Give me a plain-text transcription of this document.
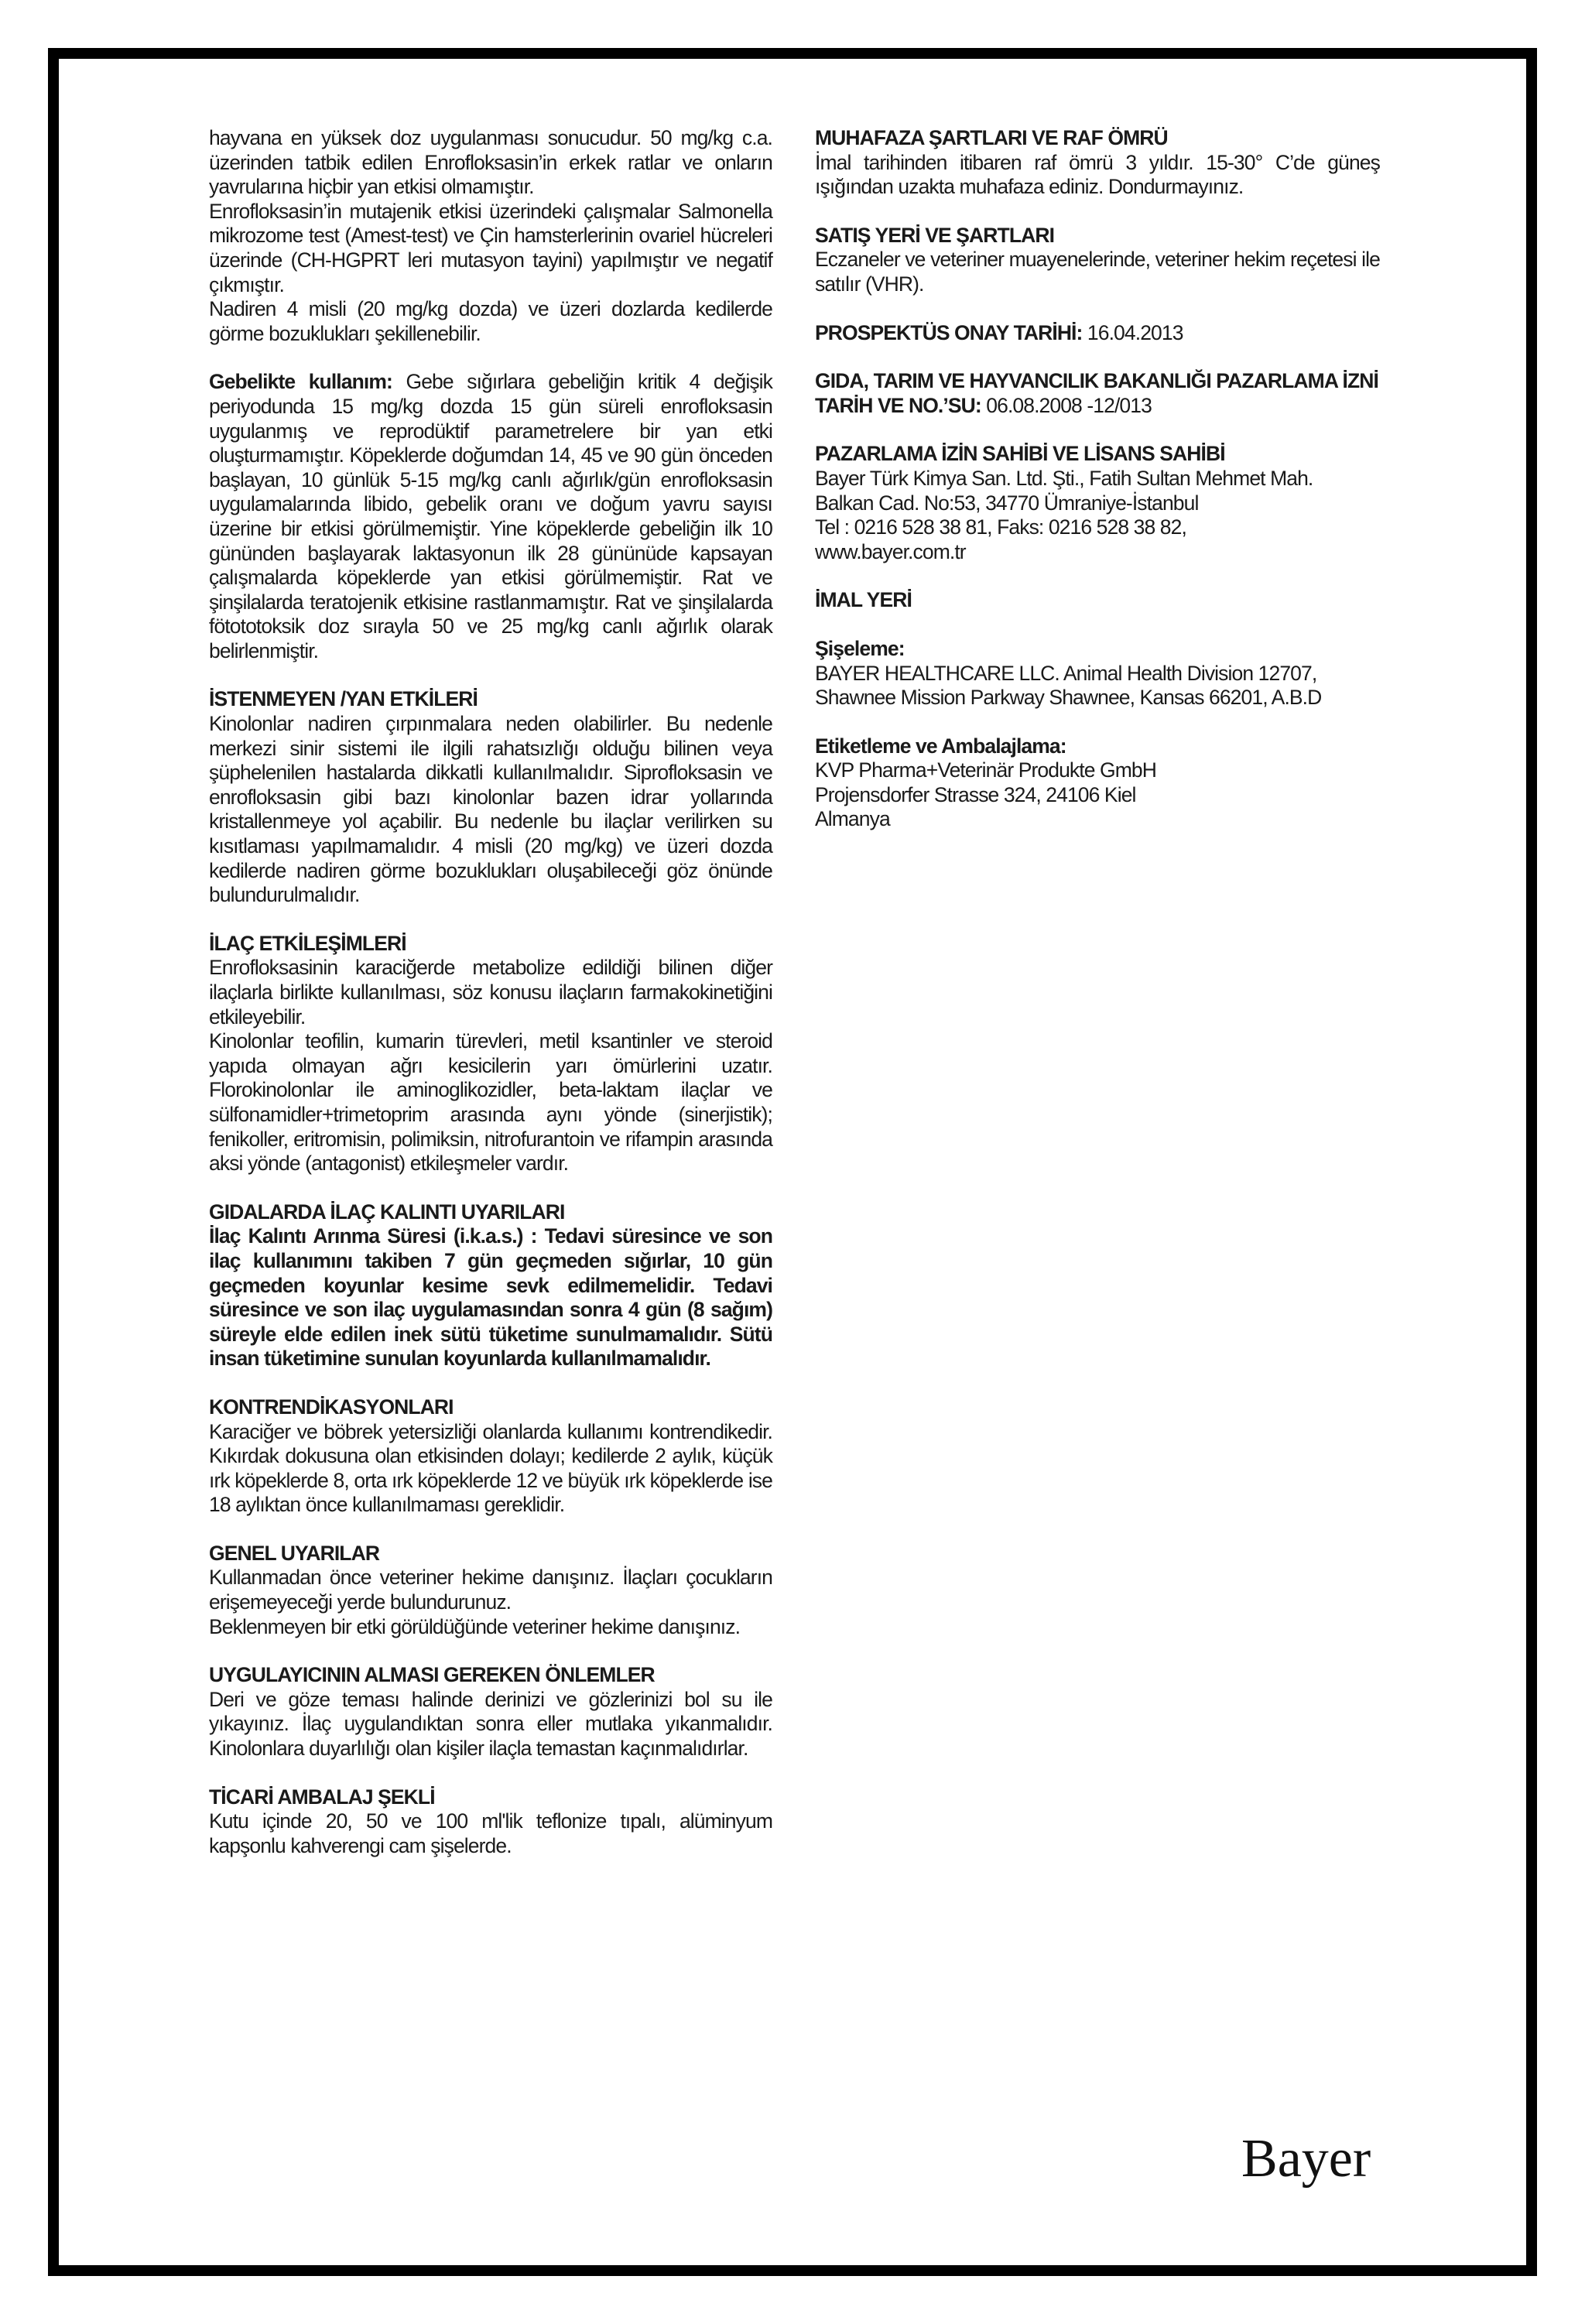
hayvana en yüksek doz uygulanması sonucudur. 50 mg/kg c.a. üzerinden tatbik edilen Enrofloksasin’in erkek ratlar ve onların yavrularına hiçbir yan etkisi olmamıştır.

Enrofloksasin’in mutajenik etkisi üzerindeki çalışmalar Salmonella mikrozome test (Amest-test) ve Çin hamsterlerinin ovariel hücreleri üzerinde (CH-HGPRT leri mutasyon tayini) yapılmıştır ve negatif çıkmıştır.

Nadiren 4 misli (20 mg/kg dozda) ve üzeri dozlarda kedilerde görme bozuklukları şekillenebilir.

Gebelikte kullanım: Gebe sığırlara gebeliğin kritik 4 değişik periyodunda 15 mg/kg dozda 15 gün süreli enrofloksasin uygulanmış ve reprodüktif parametrelere bir yan etki oluşturmamıştır. Köpeklerde doğumdan 14, 45 ve 90 gün önceden başlayan, 10 günlük 5-15 mg/kg canlı ağırlık/gün enrofloksasin uygulamalarında libido, gebelik oranı ve doğum yavru sayısı üzerine bir etkisi görülmemiştir. Yine köpeklerde gebeliğin ilk 10 gününden başlayarak laktasyonun ilk 28 gününüde kapsayan çalışmalarda köpeklerde yan etkisi görülmemiştir. Rat ve şinşilalarda teratojenik etkisine rastlanmamıştır. Rat ve şinşilalarda fötototoksik doz sırayla 50 ve 25 mg/kg canlı ağırlık olarak belirlenmiştir.

İSTENMEYEN /YAN ETKİLERİ

Kinolonlar nadiren çırpınmalara neden olabilirler. Bu nedenle merkezi sinir sistemi ile ilgili rahatsızlığı olduğu bilinen veya şüphelenilen hastalarda dikkatli kullanılmalıdır. Siprofloksasin ve enrofloksasin gibi bazı kinolonlar bazen idrar yollarında kristallenmeye yol açabilir. Bu nedenle bu ilaçlar verilirken su kısıtlaması yapılmamalıdır. 4 misli (20 mg/kg) ve üzeri dozda kedilerde nadiren görme bozuklukları oluşabileceği göz önünde bulundurulmalıdır.

İLAÇ ETKİLEŞİMLERİ

Enrofloksasinin karaciğerde metabolize edildiği bilinen diğer ilaçlarla birlikte kullanılması, söz konusu ilaçların farmakokinetiğini etkileyebilir.

Kinolonlar teofilin, kumarin türevleri, metil ksantinler ve steroid yapıda olmayan ağrı kesicilerin yarı ömürlerini uzatır. Florokinolonlar ile aminoglikozidler, beta-laktam ilaçlar ve sülfonamidler+trimetoprim arasında aynı yönde (sinerjistik); fenikoller, eritromisin, polimiksin, nitrofurantoin ve rifampin arasında aksi yönde (antagonist) etkileşmeler vardır.

GIDALARDA İLAÇ KALINTI UYARILARI

İlaç Kalıntı Arınma Süresi (i.k.a.s.) : Tedavi süresince ve son ilaç kullanımını takiben 7 gün geçmeden sığırlar, 10 gün geçmeden koyunlar kesime sevk edilmemelidir. Tedavi süresince ve son ilaç uygulamasından sonra 4 gün (8 sağım) süreyle elde edilen inek sütü tüketime sunulmamalıdır. Sütü insan tüketimine sunulan koyunlarda kullanılmamalıdır.

KONTRENDİKASYONLARI

Karaciğer ve böbrek yetersizliği olanlarda kullanımı kontrendikedir. Kıkırdak dokusuna olan etkisinden dolayı; kedilerde 2 aylık, küçük ırk köpeklerde 8, orta ırk köpeklerde 12 ve büyük ırk köpeklerde ise 18 aylıktan önce kullanılmaması gereklidir.

GENEL UYARILAR

Kullanmadan önce veteriner hekime danışınız. İlaçları çocukların erişemeyeceği yerde bulundurunuz.

Beklenmeyen bir etki görüldüğünde veteriner hekime danışınız.

UYGULAYICININ ALMASI GEREKEN ÖNLEMLER

Deri ve göze teması halinde derinizi ve gözlerinizi bol su ile yıkayınız. İlaç uygulandıktan sonra eller mutlaka yıkanmalıdır. Kinolonlara duyarlılığı olan kişiler ilaçla temastan kaçınmalıdırlar.

TİCARİ AMBALAJ ŞEKLİ

Kutu içinde 20, 50 ve 100 ml'lik teflonize tıpalı, alüminyum kapşonlu kahverengi cam şişelerde.

MUHAFAZA ŞARTLARI VE RAF ÖMRÜ

İmal tarihinden itibaren raf ömrü 3 yıldır. 15-30° C’de güneş ışığından uzakta muhafaza ediniz. Dondurmayınız.

SATIŞ YERİ VE ŞARTLARI

Eczaneler ve veteriner muayenelerinde, veteriner hekim reçetesi ile satılır (VHR).

PROSPEKTÜS ONAY TARİHİ: 16.04.2013

GIDA, TARIM VE HAYVANCILIK BAKANLIĞI PAZARLAMA İZNİ TARİH VE NO.’SU: 06.08.2008 -12/013

PAZARLAMA İZİN SAHİBİ VE LİSANS SAHİBİ

Bayer Türk Kimya San. Ltd. Şti., Fatih Sultan Mehmet Mah.

Balkan Cad. No:53, 34770 Ümraniye-İstanbul

Tel : 0216 528 38 81, Faks: 0216 528 38 82,

www.bayer.com.tr

İMAL YERİ
Şişeleme:

BAYER HEALTHCARE LLC. Animal Health Division 12707,

Shawnee Mission Parkway Shawnee, Kansas 66201, A.B.D

Etiketleme ve Ambalajlama:

KVP Pharma+Veterinär Produkte GmbH

Projensdorfer Strasse 324, 24106 Kiel

Almanya

Bayer
